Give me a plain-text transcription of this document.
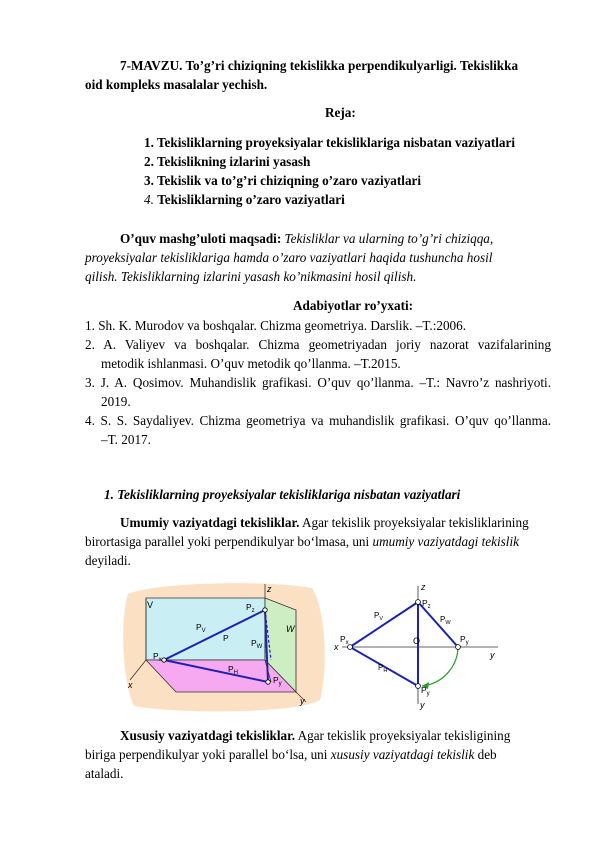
7-MAVZU. To’g’ri chiziqning tekislikka perpendikulyarligi. Tekislikka
oid kompleks masalalar yechish.
Reja:
1. Tekisliklarning proyeksiyalar tekisliklariga nisbatan vaziyatlari
2. Tekislikning izlarini yasash
3. Tekislik va to’g’ri chiziqning o’zaro vaziyatlari
4. Tekisliklarning o’zaro vaziyatlari
O’quv mashg’uloti maqsadi: Tekisliklar va ularning to’g’ri chiziqqa,
proyeksiyalar tekisliklariga hamda o’zaro vaziyatlari haqida tushuncha hosil
qilish. Tekisliklarning izlarini yasash ko’nikmasini hosil qilish.
Adabiyotlar ro’yxati:
1. Sh. K. Murodov va boshqalar. Chizma geometriya. Darslik. –T.:2006.
2. A. Valiyev va boshqalar. Chizma geometriyadan joriy nazorat vazifalarining
metodik ishlanmasi. O’quv metodik qo’llanma. –T.2015.
3. J. A. Qosimov. Muhandislik grafikasi. O’quv qo’llanma. –T.: Navro’z nashriyoti.
2019.
4. S. S. Saydaliyev. Chizma geometriya va muhandislik grafikasi. O’quv qo’llanma.
–T. 2017.
1. Tekisliklarning proyeksiyalar tekisliklariga nisbatan vaziyatlari
Umumiy vaziyatdagi tekisliklar. Agar tekislik proyeksiyalar tekisliklarining
birortasiga parallel yoki perpendikulyar bo‘lmasa, uni umumiy vaziyatdagi tekislik
deyiladi.
V
z
W
x
y
$P_z$
$P_V$
P	$P_W$
$P_H$
$P_x$
$P_y$
z
x
y
y
O
$P_z$
$P_x$	$P_y$
$P_y$
$P_V$	$P_W$
$P_H$
Xususiy vaziyatdagi tekisliklar. Agar tekislik proyeksiyalar tekisligining
biriga perpendikulyar yoki parallel bo‘lsa, uni xususiy vaziyatdagi tekislik deb
ataladi.
